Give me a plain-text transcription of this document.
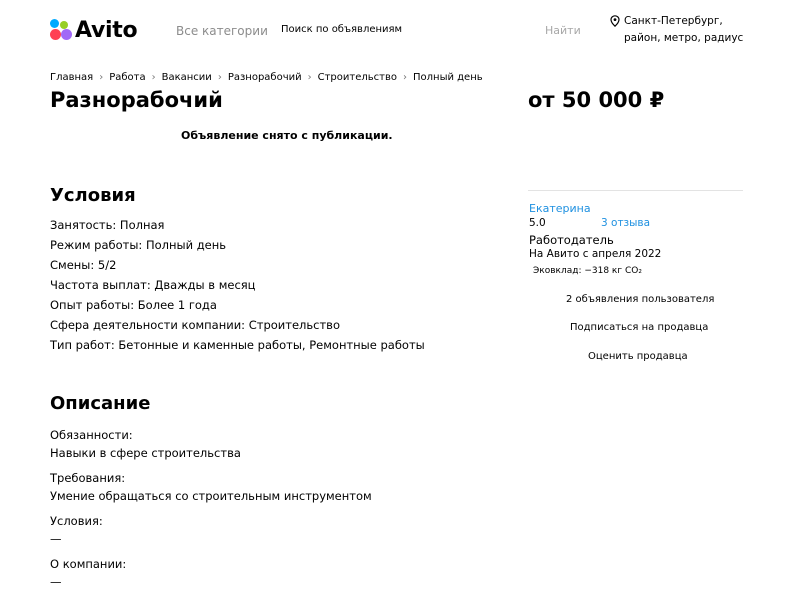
Avito	Все категории Поиск по объявлениям	Найти
Санкт-Петербург,
район, метро, радиус
Главная › Работа › Вакансии › Разнорабочий › Строительство › Полный день
Разнорабочий	от 50 000 ₽
Объявление снято с публикации.
Условия
Занятость: Полная
Режим работы: Полный день
Смены: 5/2
Частота выплат: Дважды в месяц
Опыт работы: Более 1 года
Сфера деятельности компании: Строительство
Тип работ: Бетонные и каменные работы, Ремонтные работы
Описание
Обязанности:
Навыки в сфере строительства
Требования:
Умение обращаться со строительным инструментом
Условия:
—
О компании:
—
Екатерина
5.0	3 отзыва
Работодатель
На Авито с апреля 2022
Эковклад: −318 кг CO₂
2 объявления пользователя
Подписаться на продавца
Оценить продавца
